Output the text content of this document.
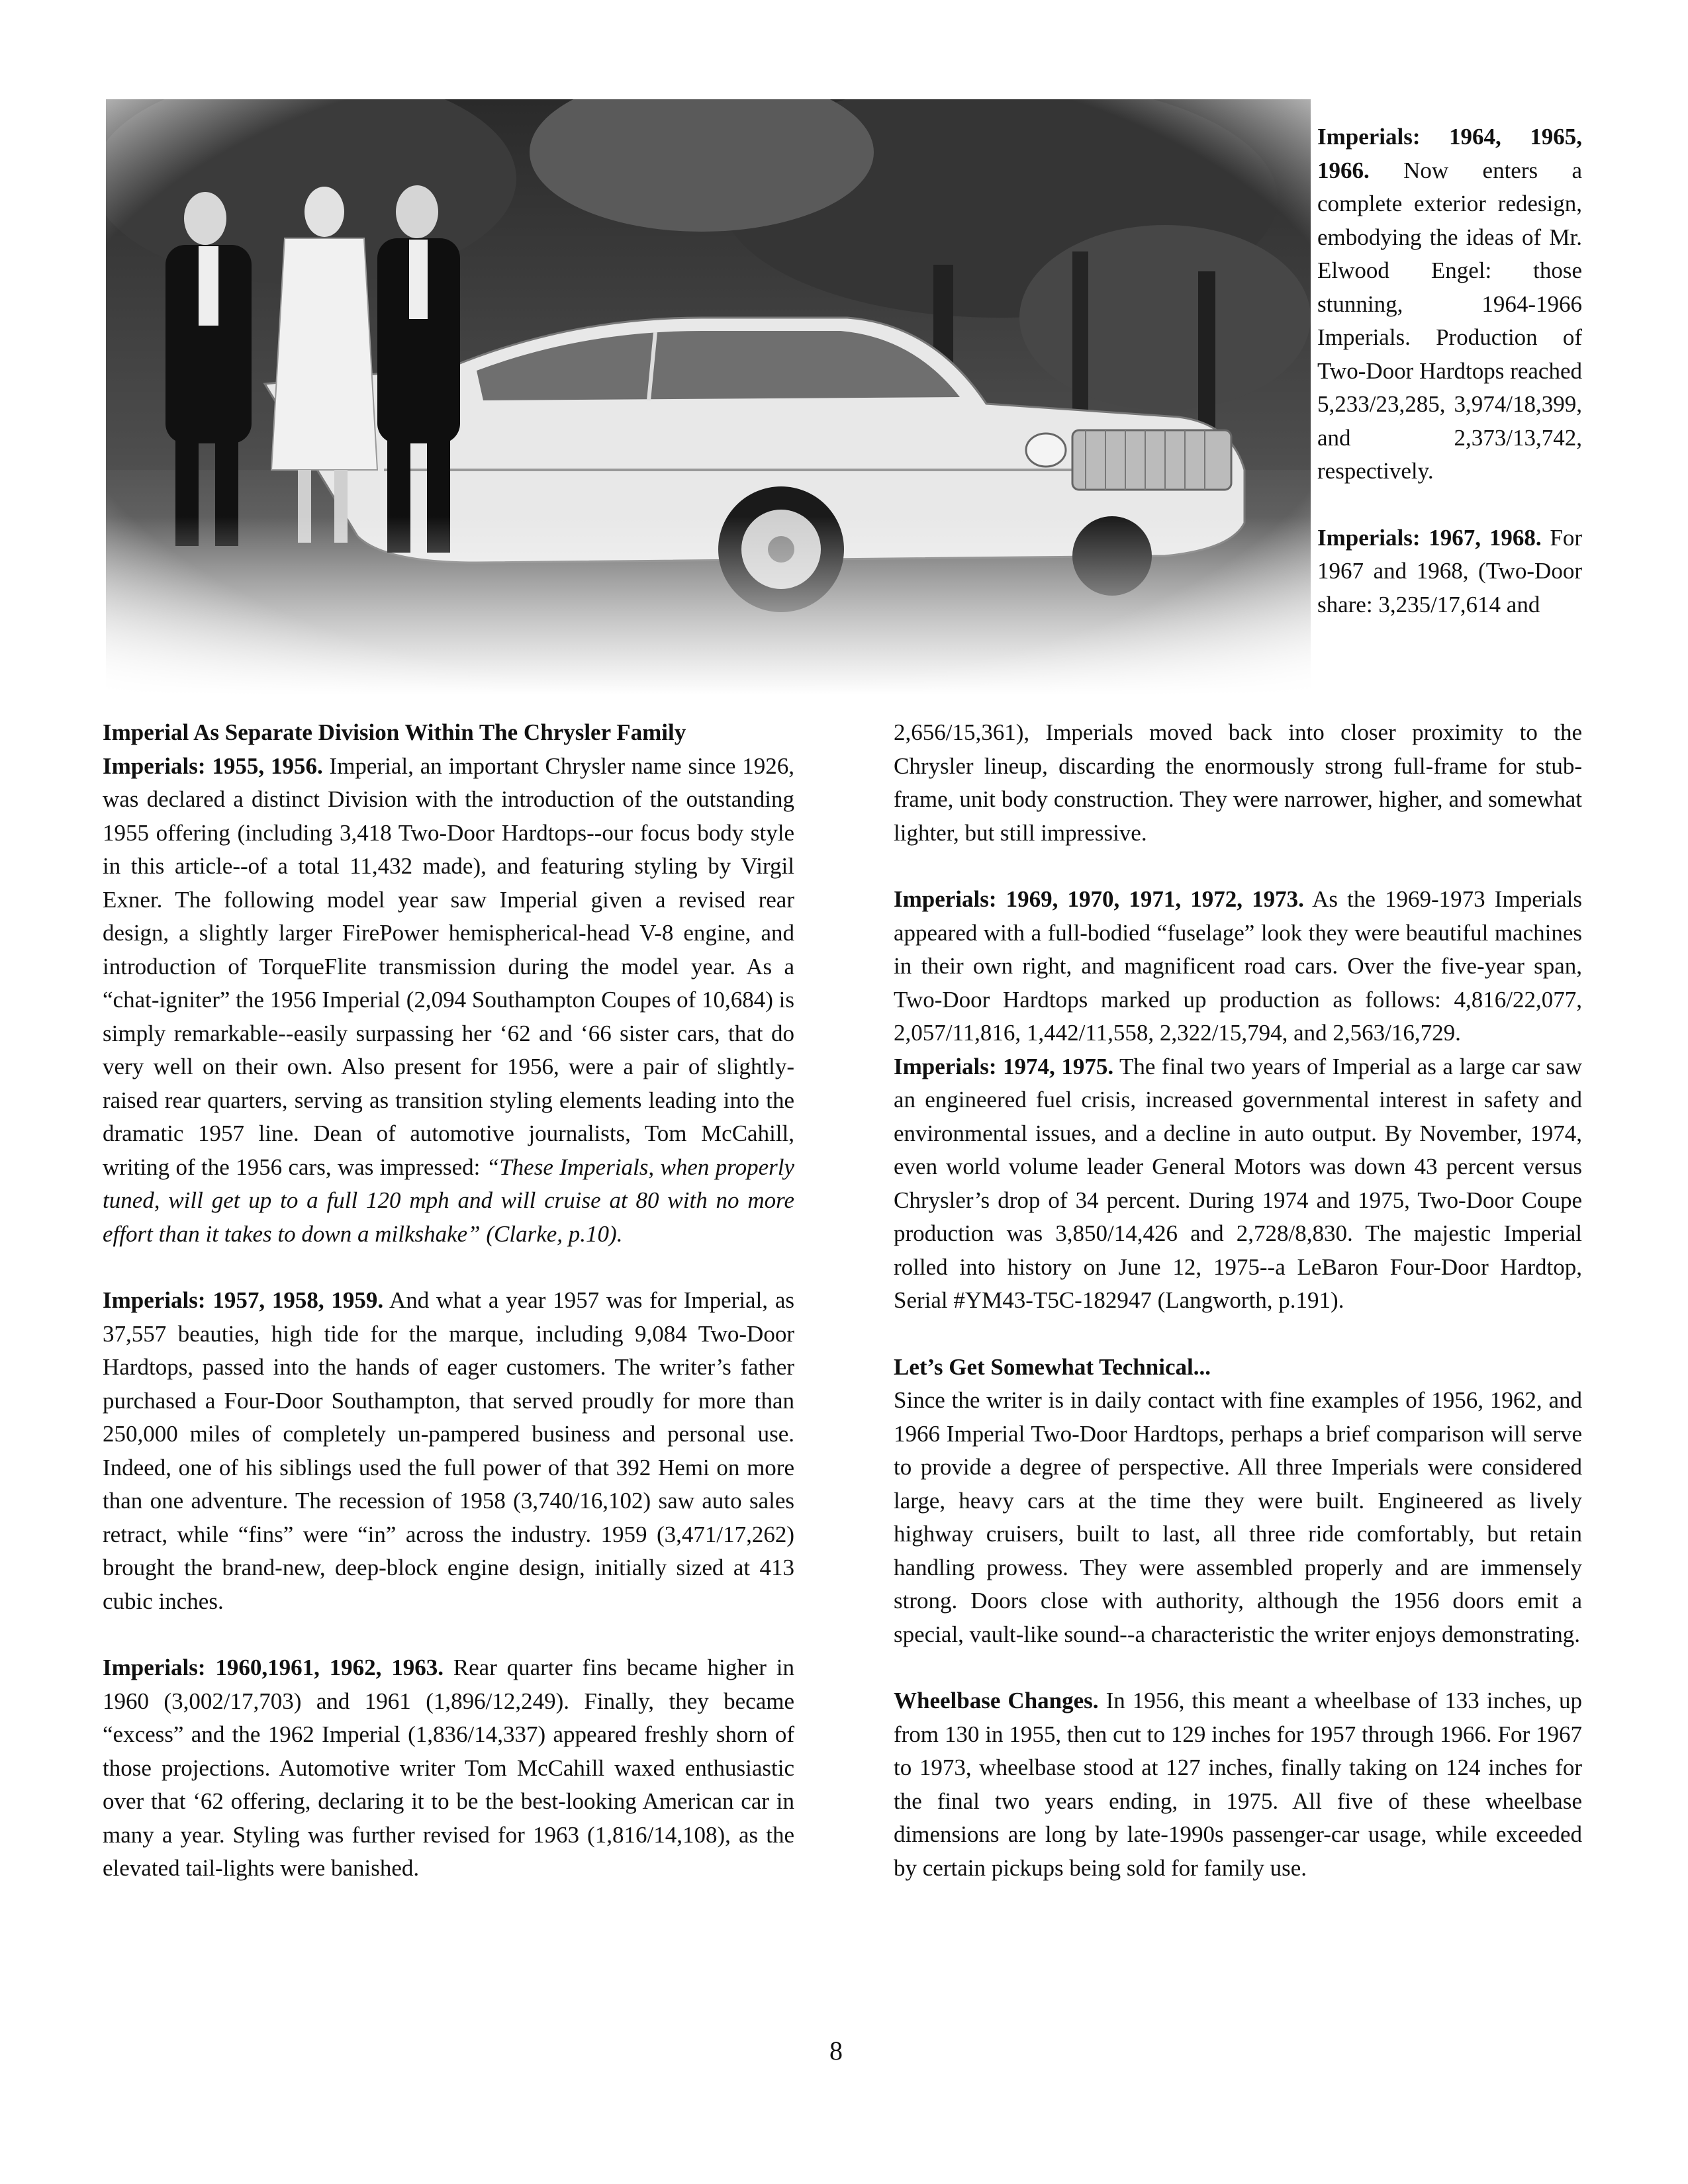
Imperials: 1964, 1965, 1966. Now enters a complete exterior redesign, embodying the ideas of Mr. Elwood Engel: those stunning, 1964-1966 Imperials. Production of Two-Door Hardtops reached 5,233/23,285, 3,974/18,399, and 2,373/13,742, respectively.

Imperials: 1967, 1968. For 1967 and 1968, (Two-Door share: 3,235/17,614 and

Imperial As Separate Division Within The Chrysler Family

Imperials: 1955, 1956. Imperial, an important Chrysler name since 1926, was declared a distinct Division with the introduction of the outstanding 1955 offering (including 3,418 Two-Door Hardtops--our focus body style in this article--of a total 11,432 made), and featuring styling by Virgil Exner. The following model year saw Imperial given a revised rear design, a slightly larger FirePower hemispherical-head V-8 engine, and introduction of TorqueFlite transmission during the model year. As a “chat-igniter” the 1956 Imperial (2,094 Southampton Coupes of 10,684) is simply remarkable--easily surpassing her ‘62 and ‘66 sister cars, that do very well on their own. Also present for 1956, were a pair of slightly-raised rear quarters, serving as transition styling elements leading into the dramatic 1957 line. Dean of automotive journalists, Tom McCahill, writing of the 1956 cars, was impressed: “These Imperials, when properly tuned, will get up to a full 120 mph and will cruise at 80 with no more effort than it takes to down a milkshake” (Clarke, p.10).

Imperials: 1957, 1958, 1959. And what a year 1957 was for Imperial, as 37,557 beauties, high tide for the marque, including 9,084 Two-Door Hardtops, passed into the hands of eager customers. The writer’s father purchased a Four-Door Southampton, that served proudly for more than 250,000 miles of completely un-pampered business and personal use. Indeed, one of his siblings used the full power of that 392 Hemi on more than one adventure. The recession of 1958 (3,740/16,102) saw auto sales retract, while “fins” were “in” across the industry. 1959 (3,471/17,262) brought the brand-new, deep-block engine design, initially sized at 413 cubic inches.

Imperials: 1960,1961, 1962, 1963. Rear quarter fins became higher in 1960 (3,002/17,703) and 1961 (1,896/12,249). Finally, they became “excess” and the 1962 Imperial (1,836/14,337) appeared freshly shorn of those projections. Automotive writer Tom McCahill waxed enthusiastic over that ‘62 offering, declaring it to be the best-looking American car in many a year. Styling was further revised for 1963 (1,816/14,108), as the elevated tail-lights were banished.

2,656/15,361), Imperials moved back into closer proximity to the Chrysler lineup, discarding the enormously strong full-frame for stub-frame, unit body construction. They were narrower, higher, and somewhat lighter, but still impressive.

Imperials: 1969, 1970, 1971, 1972, 1973. As the 1969-1973 Imperials appeared with a full-bodied “fuselage” look they were beautiful machines in their own right, and magnificent road cars. Over the five-year span, Two-Door Hardtops marked up production as follows: 4,816/22,077, 2,057/11,816, 1,442/11,558, 2,322/15,794, and 2,563/16,729.

Imperials: 1974, 1975. The final two years of Imperial as a large car saw an engineered fuel crisis, increased governmental interest in safety and environmental issues, and a decline in auto output. By November, 1974, even world volume leader General Motors was down 43 percent versus Chrysler’s drop of 34 percent. During 1974 and 1975, Two-Door Coupe production was 3,850/14,426 and 2,728/8,830. The majestic Imperial rolled into history on June 12, 1975--a LeBaron Four-Door Hardtop, Serial #YM43-T5C-182947 (Langworth, p.191).

Let’s Get Somewhat Technical...

Since the writer is in daily contact with fine examples of 1956, 1962, and 1966 Imperial Two-Door Hardtops, perhaps a brief comparison will serve to provide a degree of perspective. All three Imperials were considered large, heavy cars at the time they were built. Engineered as lively highway cruisers, built to last, all three ride comfortably, but retain handling prowess. They were assembled properly and are immensely strong. Doors close with authority, although the 1956 doors emit a special, vault-like sound--a characteristic the writer enjoys demonstrating.

Wheelbase Changes. In 1956, this meant a wheelbase of 133 inches, up from 130 in 1955, then cut to 129 inches for 1957 through 1966. For 1967 to 1973, wheelbase stood at 127 inches, finally taking on 124 inches for the final two years ending, in 1975. All five of these wheelbase dimensions are long by late-1990s passenger-car usage, while exceeded by certain pickups being sold for family use.

8
